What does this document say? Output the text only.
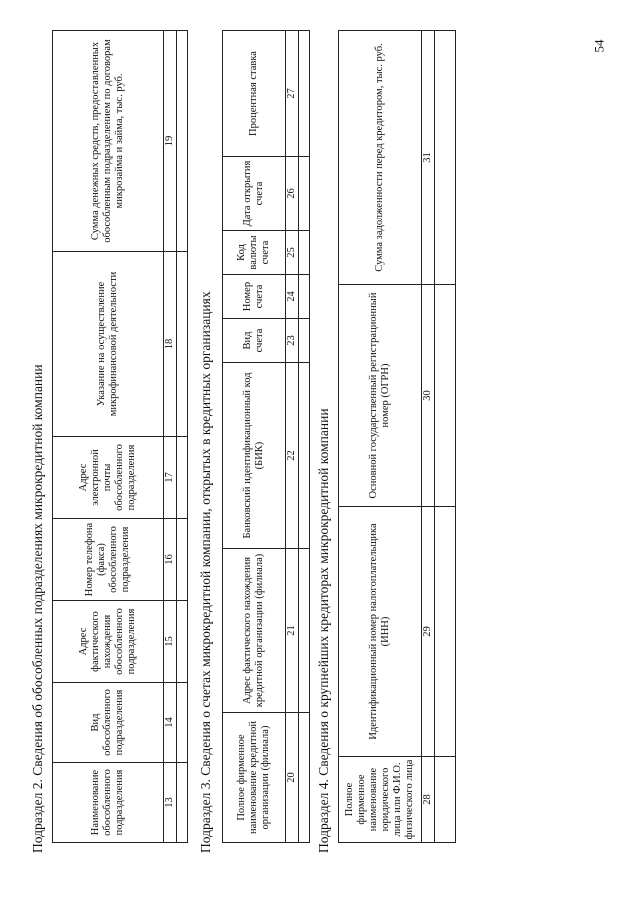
54
Подраздел 2. Сведения об обособленных подразделениях микрокредитной компании	Наименование обособленного подразделения	Вид обособленного подразделения	Адрес фактического нахождения обособленного подразделения	Номер телефона (факса) обособленного подразделения	Адрес электронной почты обособленного подразделения	Указание на осуществление микрофинансовой деятельности	Сумма денежных средств, предоставленных обособленным подразделением по договорам микрозайма и займа, тыс. руб.
13	14	15	16	17	18	19

Подраздел 3. Сведения о счетах микрокредитной компании, открытых в кредитных организациях Полное фирменное наименование кредитной организации (филиала)	Адрес фактического нахождения кредитной организации (филиала)	Банковский идентификационный код (БИК)	Вид счета	Номер счета	Код валюты счета	Дата открытия счета	Процентная ставка
20	21	22	23	24	25	26	27

Подраздел 4. Сведения о крупнейших кредиторах микрокредитной компании Полное фирменное наименование юридического лица или Ф.И.О. физического лица	Идентификационный номер налогоплательщика (ИНН)	Основной государственный регистрационный номер (ОГРН)	Сумма задолженности перед кредитором, тыс. руб.
28	29	30	31
